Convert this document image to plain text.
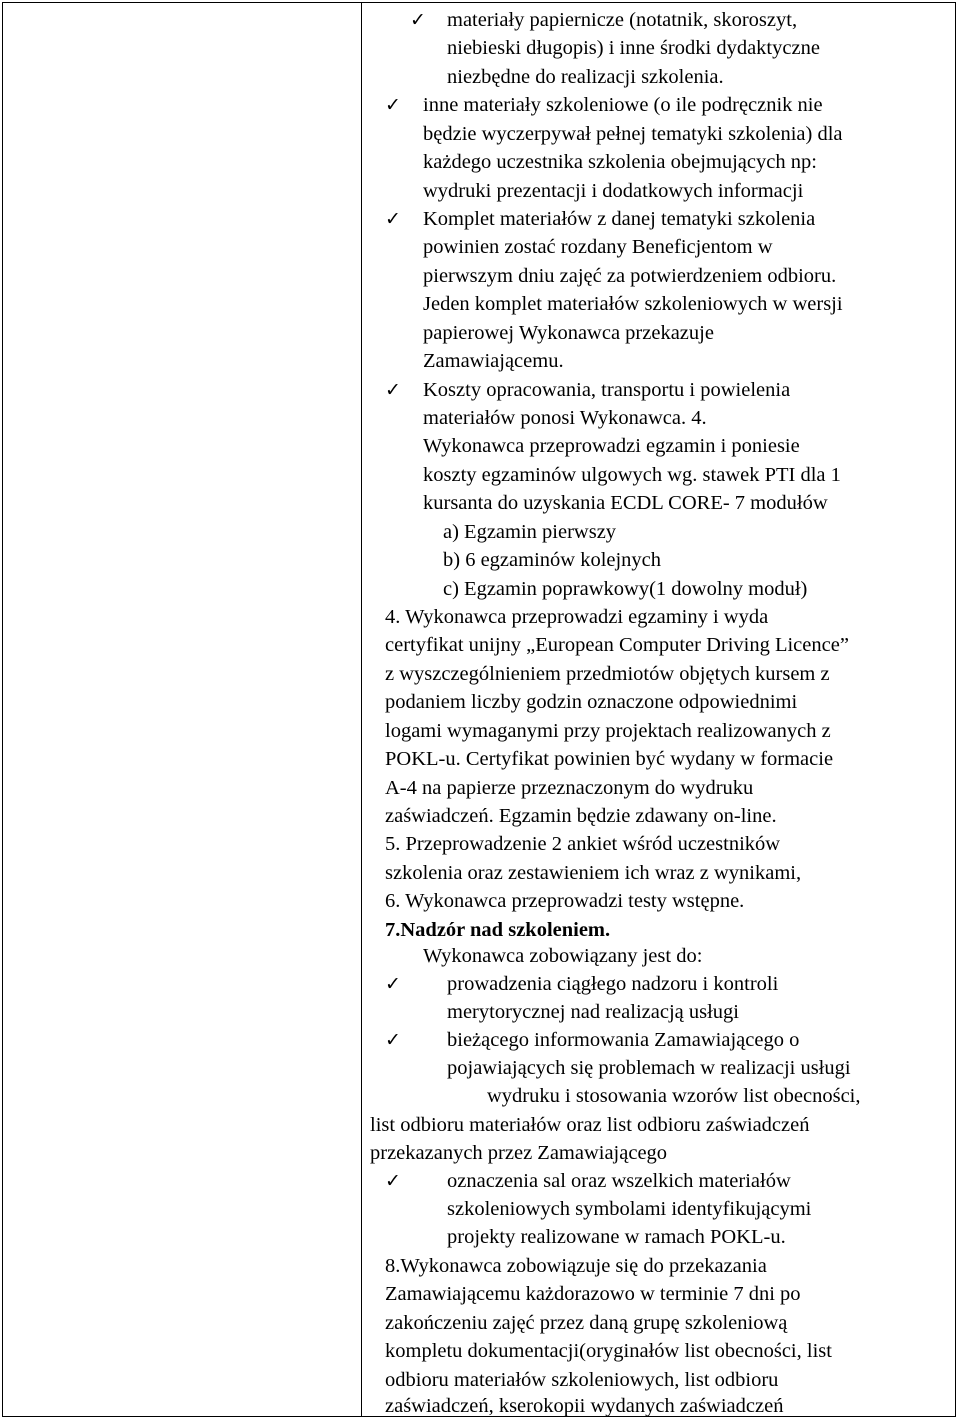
✓
✓
✓
✓
✓
✓
✓
materiały papiernicze (notatnik, skoroszyt,
niebieski długopis) i inne środki dydaktyczne
niezbędne do realizacji szkolenia.
inne materiały szkoleniowe (o ile podręcznik nie
będzie wyczerpywał pełnej tematyki szkolenia) dla
każdego uczestnika szkolenia obejmujących np:
wydruki prezentacji i dodatkowych informacji
Komplet materiałów z danej tematyki szkolenia
powinien zostać rozdany Beneficjentom w
pierwszym dniu zajęć za potwierdzeniem odbioru.
Jeden komplet materiałów szkoleniowych w wersji
papierowej Wykonawca przekazuje
Zamawiającemu.
Koszty opracowania, transportu i powielenia
materiałów ponosi Wykonawca. 4.
Wykonawca przeprowadzi egzamin i poniesie
koszty egzaminów ulgowych wg. stawek PTI dla 1
kursanta do uzyskania ECDL CORE- 7 modułów
a) Egzamin pierwszy
b) 6 egzaminów kolejnych
c) Egzamin poprawkowy(1 dowolny moduł)
4. Wykonawca przeprowadzi egzaminy i wyda
certyfikat unijny „European Computer Driving Licence”
z wyszczególnieniem przedmiotów objętych kursem z
podaniem liczby godzin oznaczone odpowiednimi
logami wymaganymi przy projektach realizowanych z
POKL-u. Certyfikat powinien być wydany w formacie
A-4 na papierze przeznaczonym do wydruku
zaświadczeń. Egzamin będzie zdawany on-line.
5. Przeprowadzenie 2 ankiet wśród uczestników
szkolenia oraz zestawieniem ich wraz z wynikami,
6. Wykonawca przeprowadzi testy wstępne.
7.Nadzór nad szkoleniem.
Wykonawca zobowiązany jest do:
prowadzenia ciągłego nadzoru i kontroli
merytorycznej nad realizacją usługi
bieżącego informowania Zamawiającego o
pojawiających się problemach w realizacji usługi
wydruku i stosowania wzorów list obecności,
list odbioru materiałów oraz list odbioru zaświadczeń
przekazanych przez Zamawiającego
oznaczenia sal oraz wszelkich materiałów
szkoleniowych symbolami identyfikującymi
projekty realizowane w ramach POKL-u.
8.Wykonawca zobowiązuje się do przekazania
Zamawiającemu każdorazowo w terminie 7 dni po
zakończeniu zajęć przez daną grupę szkoleniową
kompletu dokumentacji(oryginałów list obecności, list
odbioru materiałów szkoleniowych, list odbioru
zaświadczeń, kserokopii wydanych zaświadczeń
